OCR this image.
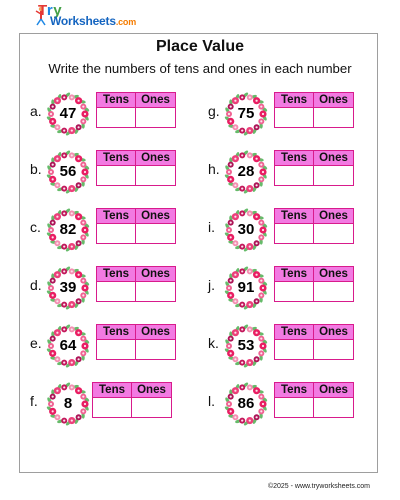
Try
Worksheets.com
Place Value
Write the numbers of tens and ones in each number
a.	47
Tens	Ones
b.	56
Tens	Ones
c.	82
Tens	Ones
d.	39
Tens	Ones
e.	64
Tens	Ones
f.	8
Tens	Ones
g.	75
Tens	Ones
h.	28
Tens	Ones
i.	30
Tens	Ones
j.	91
Tens	Ones
k.	53
Tens	Ones
l.	86
Tens	Ones
©2025 - www.tryworksheets.com
